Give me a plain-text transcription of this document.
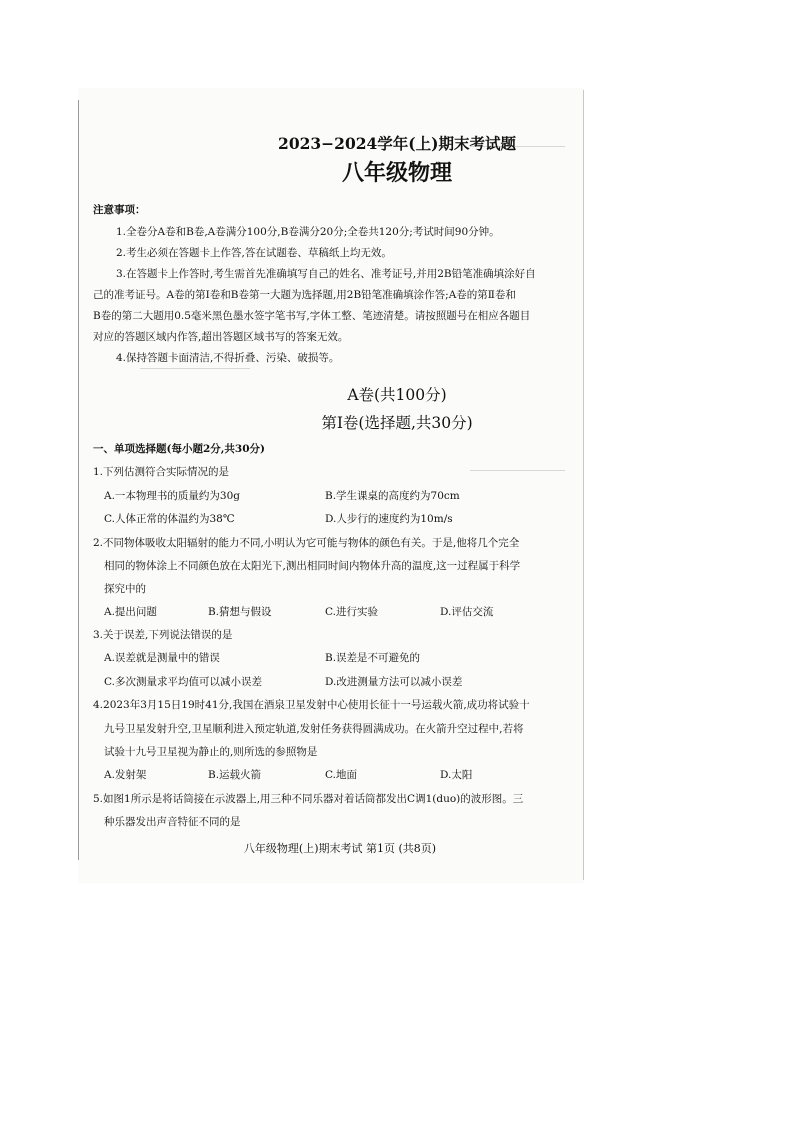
2023−2024学年(上)期末考试题
八年级物理
注意事项：
1.全卷分A卷和B卷,A卷满分100分,B卷满分20分;全卷共120分;考试时间90分钟。
2.考生必须在答题卡上作答,答在试题卷、草稿纸上均无效。
3.在答题卡上作答时,考生需首先准确填写自己的姓名、准考证号,并用2B铅笔准确填涂好自
己的准考证号。A卷的第Ⅰ卷和B卷第一大题为选择题,用2B铅笔准确填涂作答;A卷的第Ⅱ卷和
B卷的第二大题用0.5毫米黑色墨水签字笔书写,字体工整、笔迹清楚。请按照题号在相应各题目
对应的答题区域内作答,超出答题区域书写的答案无效。
4.保持答题卡面清洁,不得折叠、污染、破损等。
A卷(共100分)
第Ⅰ卷(选择题,共30分)
一、单项选择题(每小题2分,共30分)
1.下列估测符合实际情况的是
A.一本物理书的质量约为30g	B.学生课桌的高度约为70cm
C.人体正常的体温约为38℃	D.人步行的速度约为10m/s
2.不同物体吸收太阳辐射的能力不同,小明认为它可能与物体的颜色有关。于是,他将几个完全
相同的物体涂上不同颜色放在太阳光下,测出相同时间内物体升高的温度,这一过程属于科学
探究中的
A.提出问题	B.猜想与假设	C.进行实验	D.评估交流
3.关于误差,下列说法错误的是
A.误差就是测量中的错误	B.误差是不可避免的
C.多次测量求平均值可以减小误差	D.改进测量方法可以减小误差
4.2023年3月15日19时41分,我国在酒泉卫星发射中心使用长征十一号运载火箭,成功将试验十
九号卫星发射升空,卫星顺利进入预定轨道,发射任务获得圆满成功。在火箭升空过程中,若将
试验十九号卫星视为静止的,则所选的参照物是
A.发射架	B.运载火箭	C.地面	D.太阳
5.如图1所示是将话筒接在示波器上,用三种不同乐器对着话筒都发出C调1(duo)的波形图。三
种乐器发出声音特征不同的是
八年级物理(上)期末考试 第1页 (共8页)
